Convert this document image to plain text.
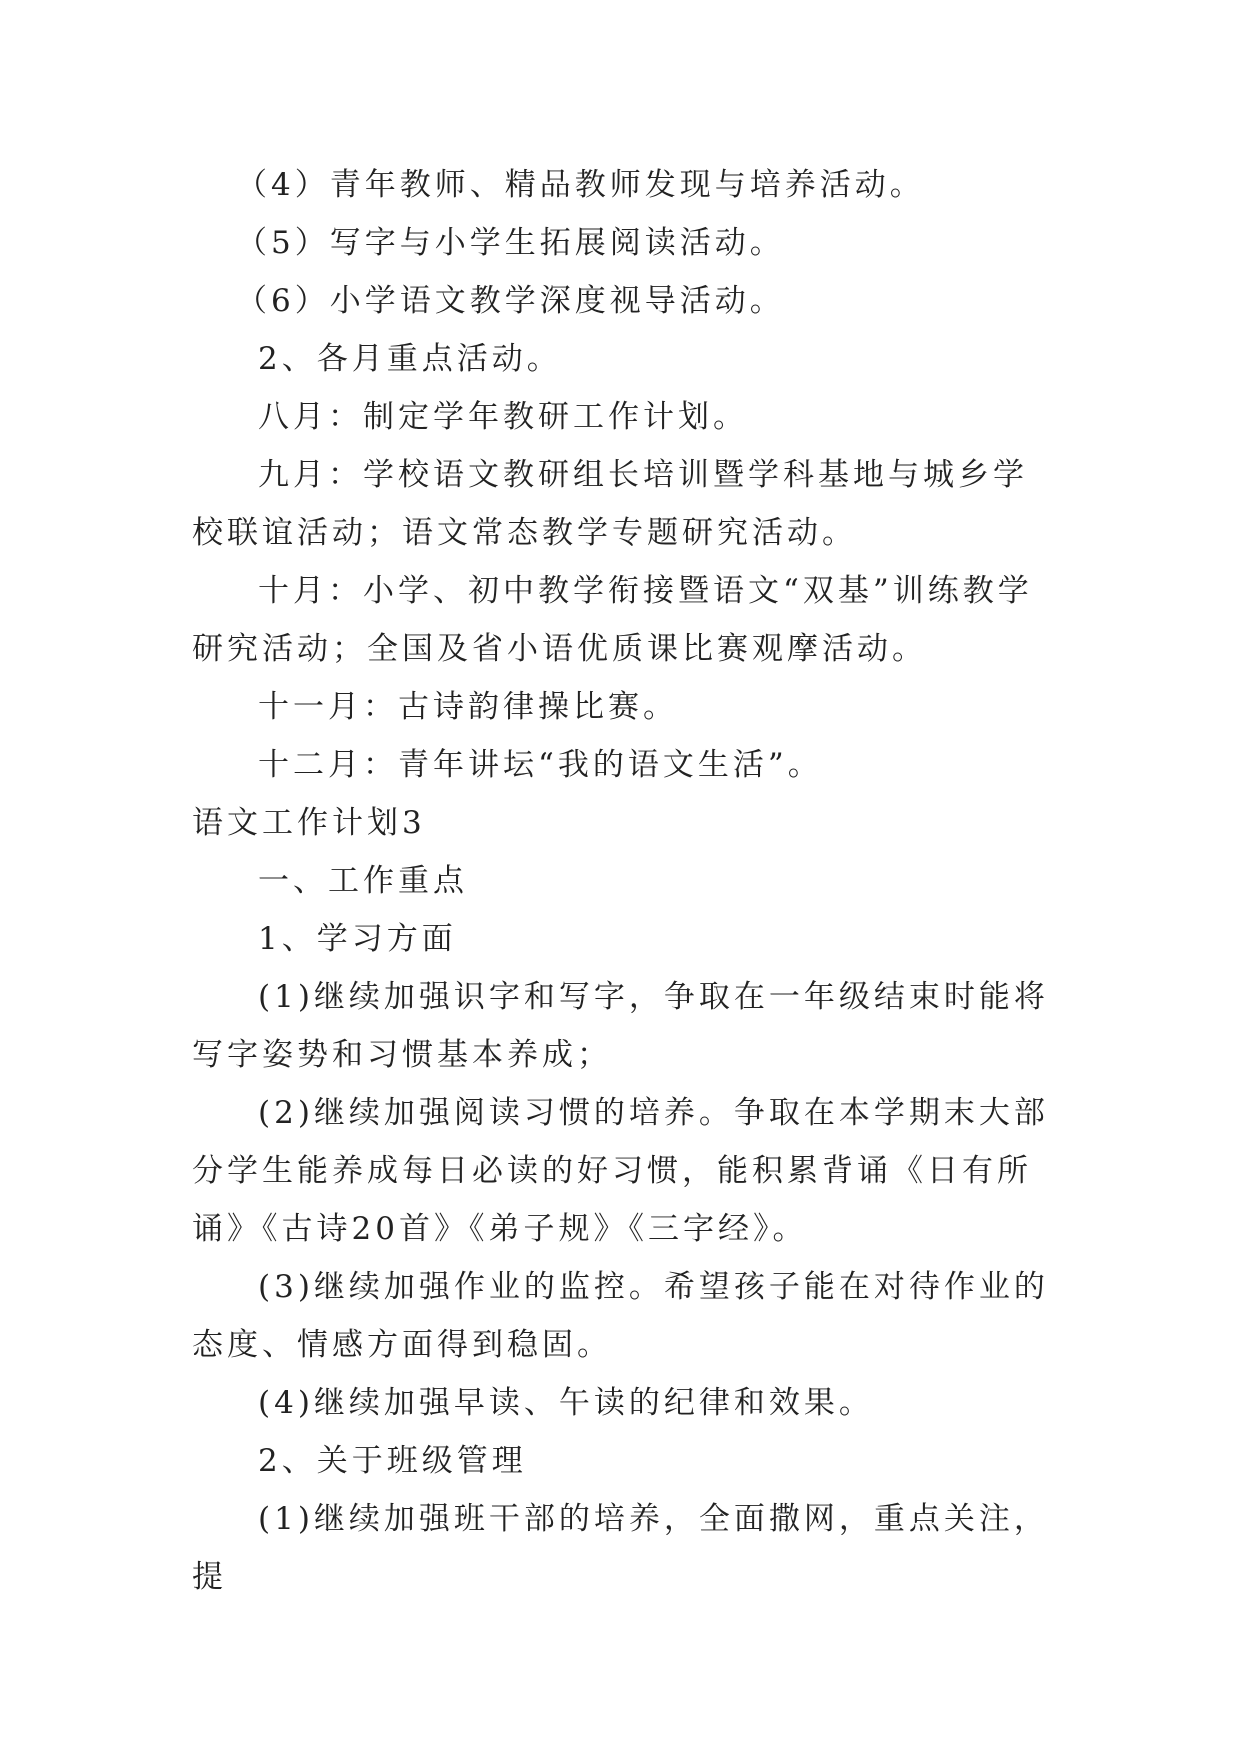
（4）青年教师、精品教师发现与培养活动。

（5）写字与小学生拓展阅读活动。

（6）小学语文教学深度视导活动。

2、各月重点活动。

八月：制定学年教研工作计划。

九月：学校语文教研组长培训暨学科基地与城乡学校联谊活动；语文常态教学专题研究活动。

十月：小学、初中教学衔接暨语文“双基”训练教学研究活动；全国及省小语优质课比赛观摩活动。

十一月：古诗韵律操比赛。

十二月：青年讲坛“我的语文生活”。

语文工作计划3

一、工作重点

1、学习方面

(1)继续加强识字和写字，争取在一年级结束时能将写字姿势和习惯基本养成；

(2)继续加强阅读习惯的培养。争取在本学期末大部分学生能养成每日必读的好习惯，能积累背诵《日有所诵》《古诗20首》《弟子规》《三字经》。

(3)继续加强作业的监控。希望孩子能在对待作业的态度、情感方面得到稳固。

(4)继续加强早读、午读的纪律和效果。

2、关于班级管理

(1)继续加强班干部的培养，全面撒网，重点关注，提
